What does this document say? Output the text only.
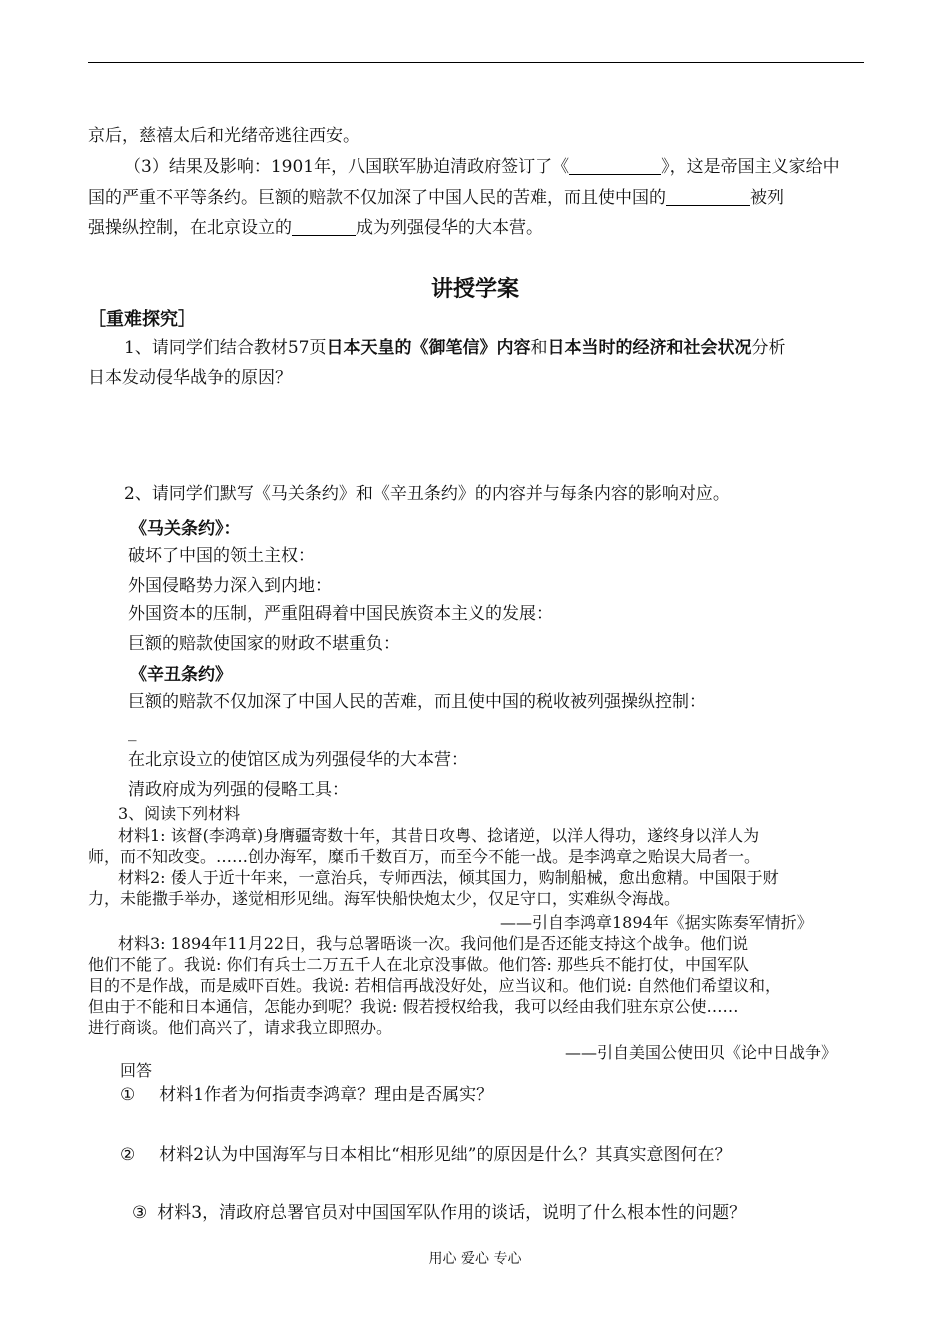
京后，慈禧太后和光绪帝逃往西安。
（3）结果及影响：1901年，八国联军胁迫清政府签订了《	》，这是帝国主义家给中
国的严重不平等条约。巨额的赔款不仅加深了中国人民的苦难，而且使中国的	被列
强操纵控制，在北京设立的	成为列强侵华的大本营。
讲授学案
［重难探究］
1、请同学们结合教材57页日本天皇的《御笔信》内容和日本当时的经济和社会状况分析
日本发动侵华战争的原因？
2、请同学们默写《马关条约》和《辛丑条约》的内容并与每条内容的影响对应。
《马关条约》：
破坏了中国的领土主权：
外国侵略势力深入到内地：
外国资本的压制，严重阻碍着中国民族资本主义的发展：
巨额的赔款使国家的财政不堪重负：
《辛丑条约》
巨额的赔款不仅加深了中国人民的苦难，而且使中国的税收被列强操纵控制：
_
在北京设立的使馆区成为列强侵华的大本营：
清政府成为列强的侵略工具：
3、阅读下列材料
材料1: 该督(李鸿章)身膺疆寄数十年，其昔日攻粤、捻诸逆，以洋人得功，遂终身以洋人为
师，而不知改变。……创办海军，糜币千数百万，而至今不能一战。是李鸿章之贻误大局者一。
材料2: 倭人于近十年来，一意治兵，专师西法，倾其国力，购制船械，愈出愈精。中国限于财
力，未能撒手举办，遂觉相形见绌。海军快船快炮太少，仅足守口，实难纵令海战。
——引自李鸿章1894年《据实陈奏军情折》
材料3: 1894年11月22日，我与总署晤谈一次。我问他们是否还能支持这个战争。他们说
他们不能了。我说: 你们有兵士二万五千人在北京没事做。他们答: 那些兵不能打仗，中国军队
目的不是作战，而是威吓百姓。我说: 若相信再战没好处，应当议和。他们说: 自然他们希望议和，
但由于不能和日本通信，怎能办到呢？我说: 假若授权给我，我可以经由我们驻东京公使……
进行商谈。他们高兴了，请求我立即照办。
——引自美国公使田贝《论中日战争》
回答
① 材料1作者为何指责李鸿章？理由是否属实？
② 材料2认为中国海军与日本相比“相形见绌”的原因是什么？其真实意图何在？
③ 材料3，清政府总署官员对中国国军队作用的谈话，说明了什么根本性的问题？
用心 爱心 专心
